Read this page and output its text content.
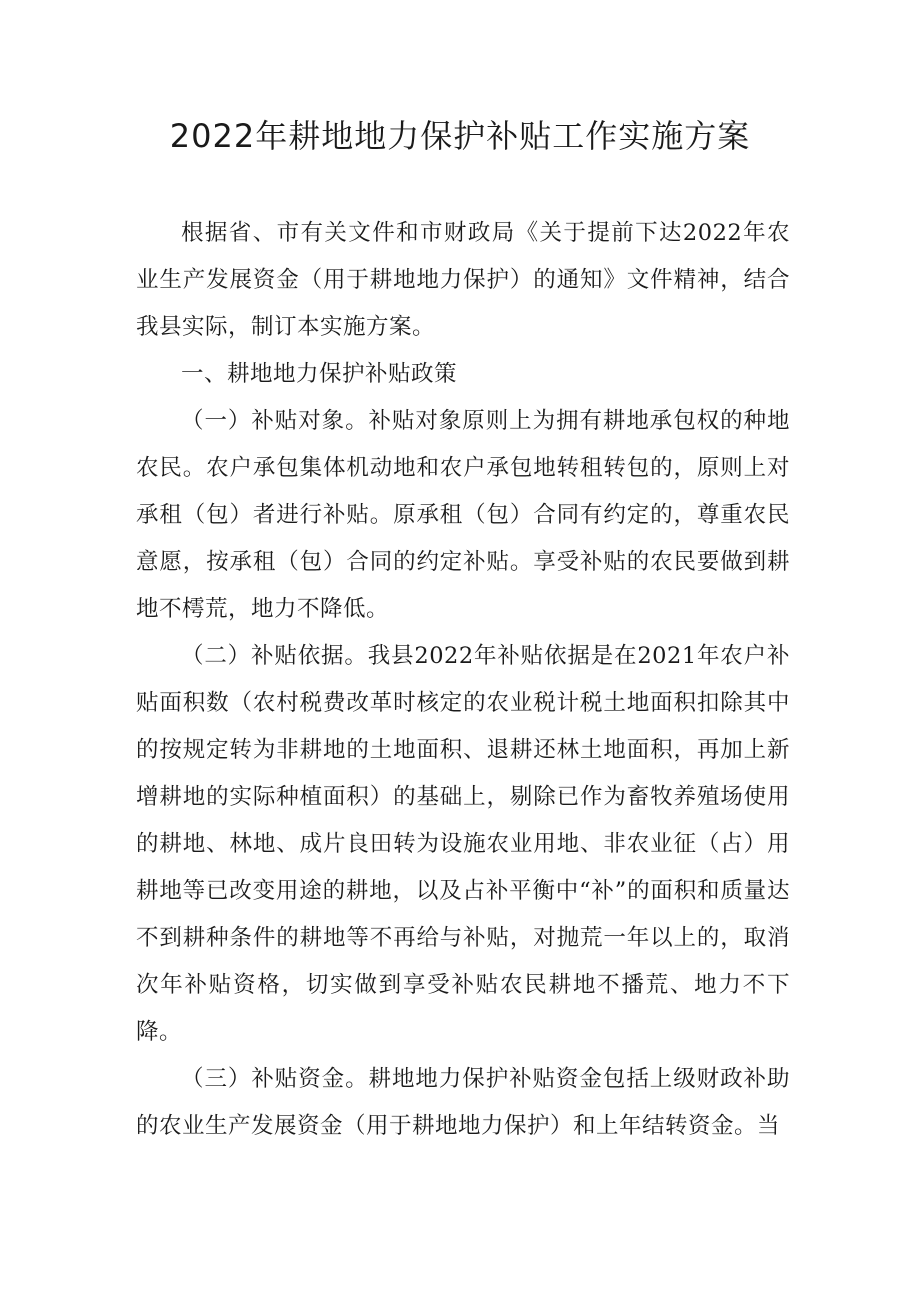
2022年耕地地力保护补贴工作实施方案

根据省、市有关文件和市财政局《关于提前下达2022年农业生产发展资金（用于耕地地力保护）的通知》文件精神，结合我县实际，制订本实施方案。

一、耕地地力保护补贴政策

（一）补贴对象。补贴对象原则上为拥有耕地承包权的种地农民。农户承包集体机动地和农户承包地转租转包的，原则上对承租（包）者进行补贴。原承租（包）合同有约定的，尊重农民意愿，按承租（包）合同的约定补贴。享受补贴的农民要做到耕地不樗荒，地力不降低。

（二）补贴依据。我县2022年补贴依据是在2021年农户补贴面积数（农村税费改革时核定的农业税计税土地面积扣除其中的按规定转为非耕地的土地面积、退耕还林土地面积，再加上新增耕地的实际种植面积）的基础上，剔除已作为畜牧养殖场使用的耕地、林地、成片良田转为设施农业用地、非农业征（占）用耕地等已改变用途的耕地，以及占补平衡中“补”的面积和质量达不到耕种条件的耕地等不再给与补贴，对抛荒一年以上的，取消次年补贴资格，切实做到享受补贴农民耕地不播荒、地力不下降。

（三）补贴资金。耕地地力保护补贴资金包括上级财政补助的农业生产发展资金（用于耕地地力保护）和上年结转资金。当
